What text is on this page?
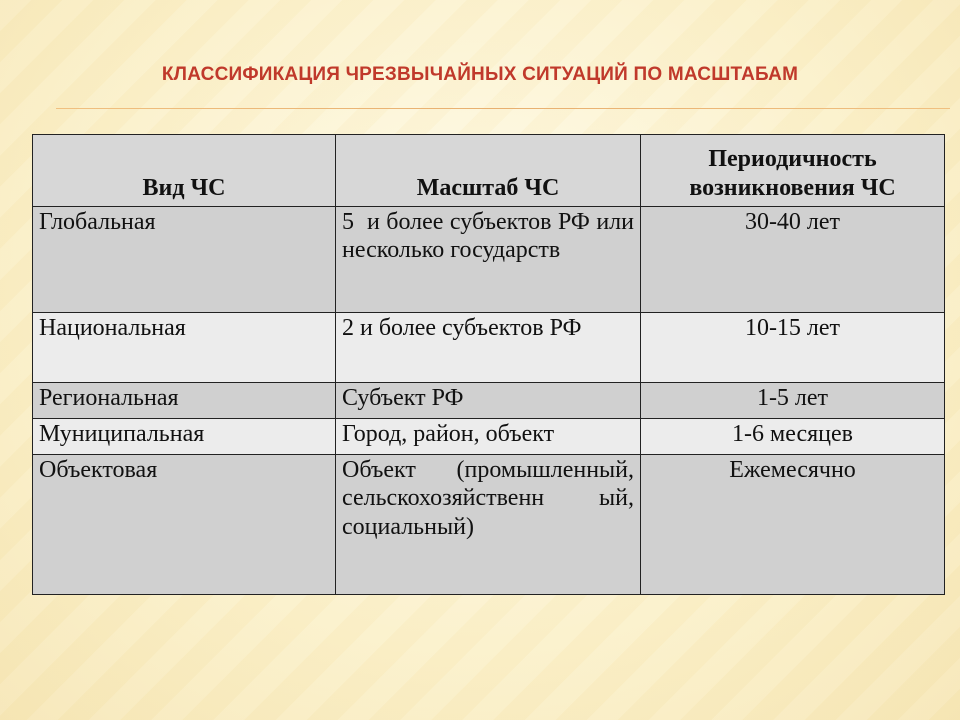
КЛАССИФИКАЦИЯ ЧРЕЗВЫЧАЙНЫХ СИТУАЦИЙ ПО МАСШТАБАМ
Вид ЧС	Масштаб ЧС	Периодичность возникновения ЧС
Глобальная	5  и более субъектов РФ или несколько государств	30-40 лет
Национальная	2 и более субъектов РФ	10-15 лет
Региональная	Субъект РФ	1-5 лет
Муниципальная	Город, район, объект	1-6 месяцев
Объектовая	Объект (промышленный, сельскохозяйственн ый, социальный)	Ежемесячно
